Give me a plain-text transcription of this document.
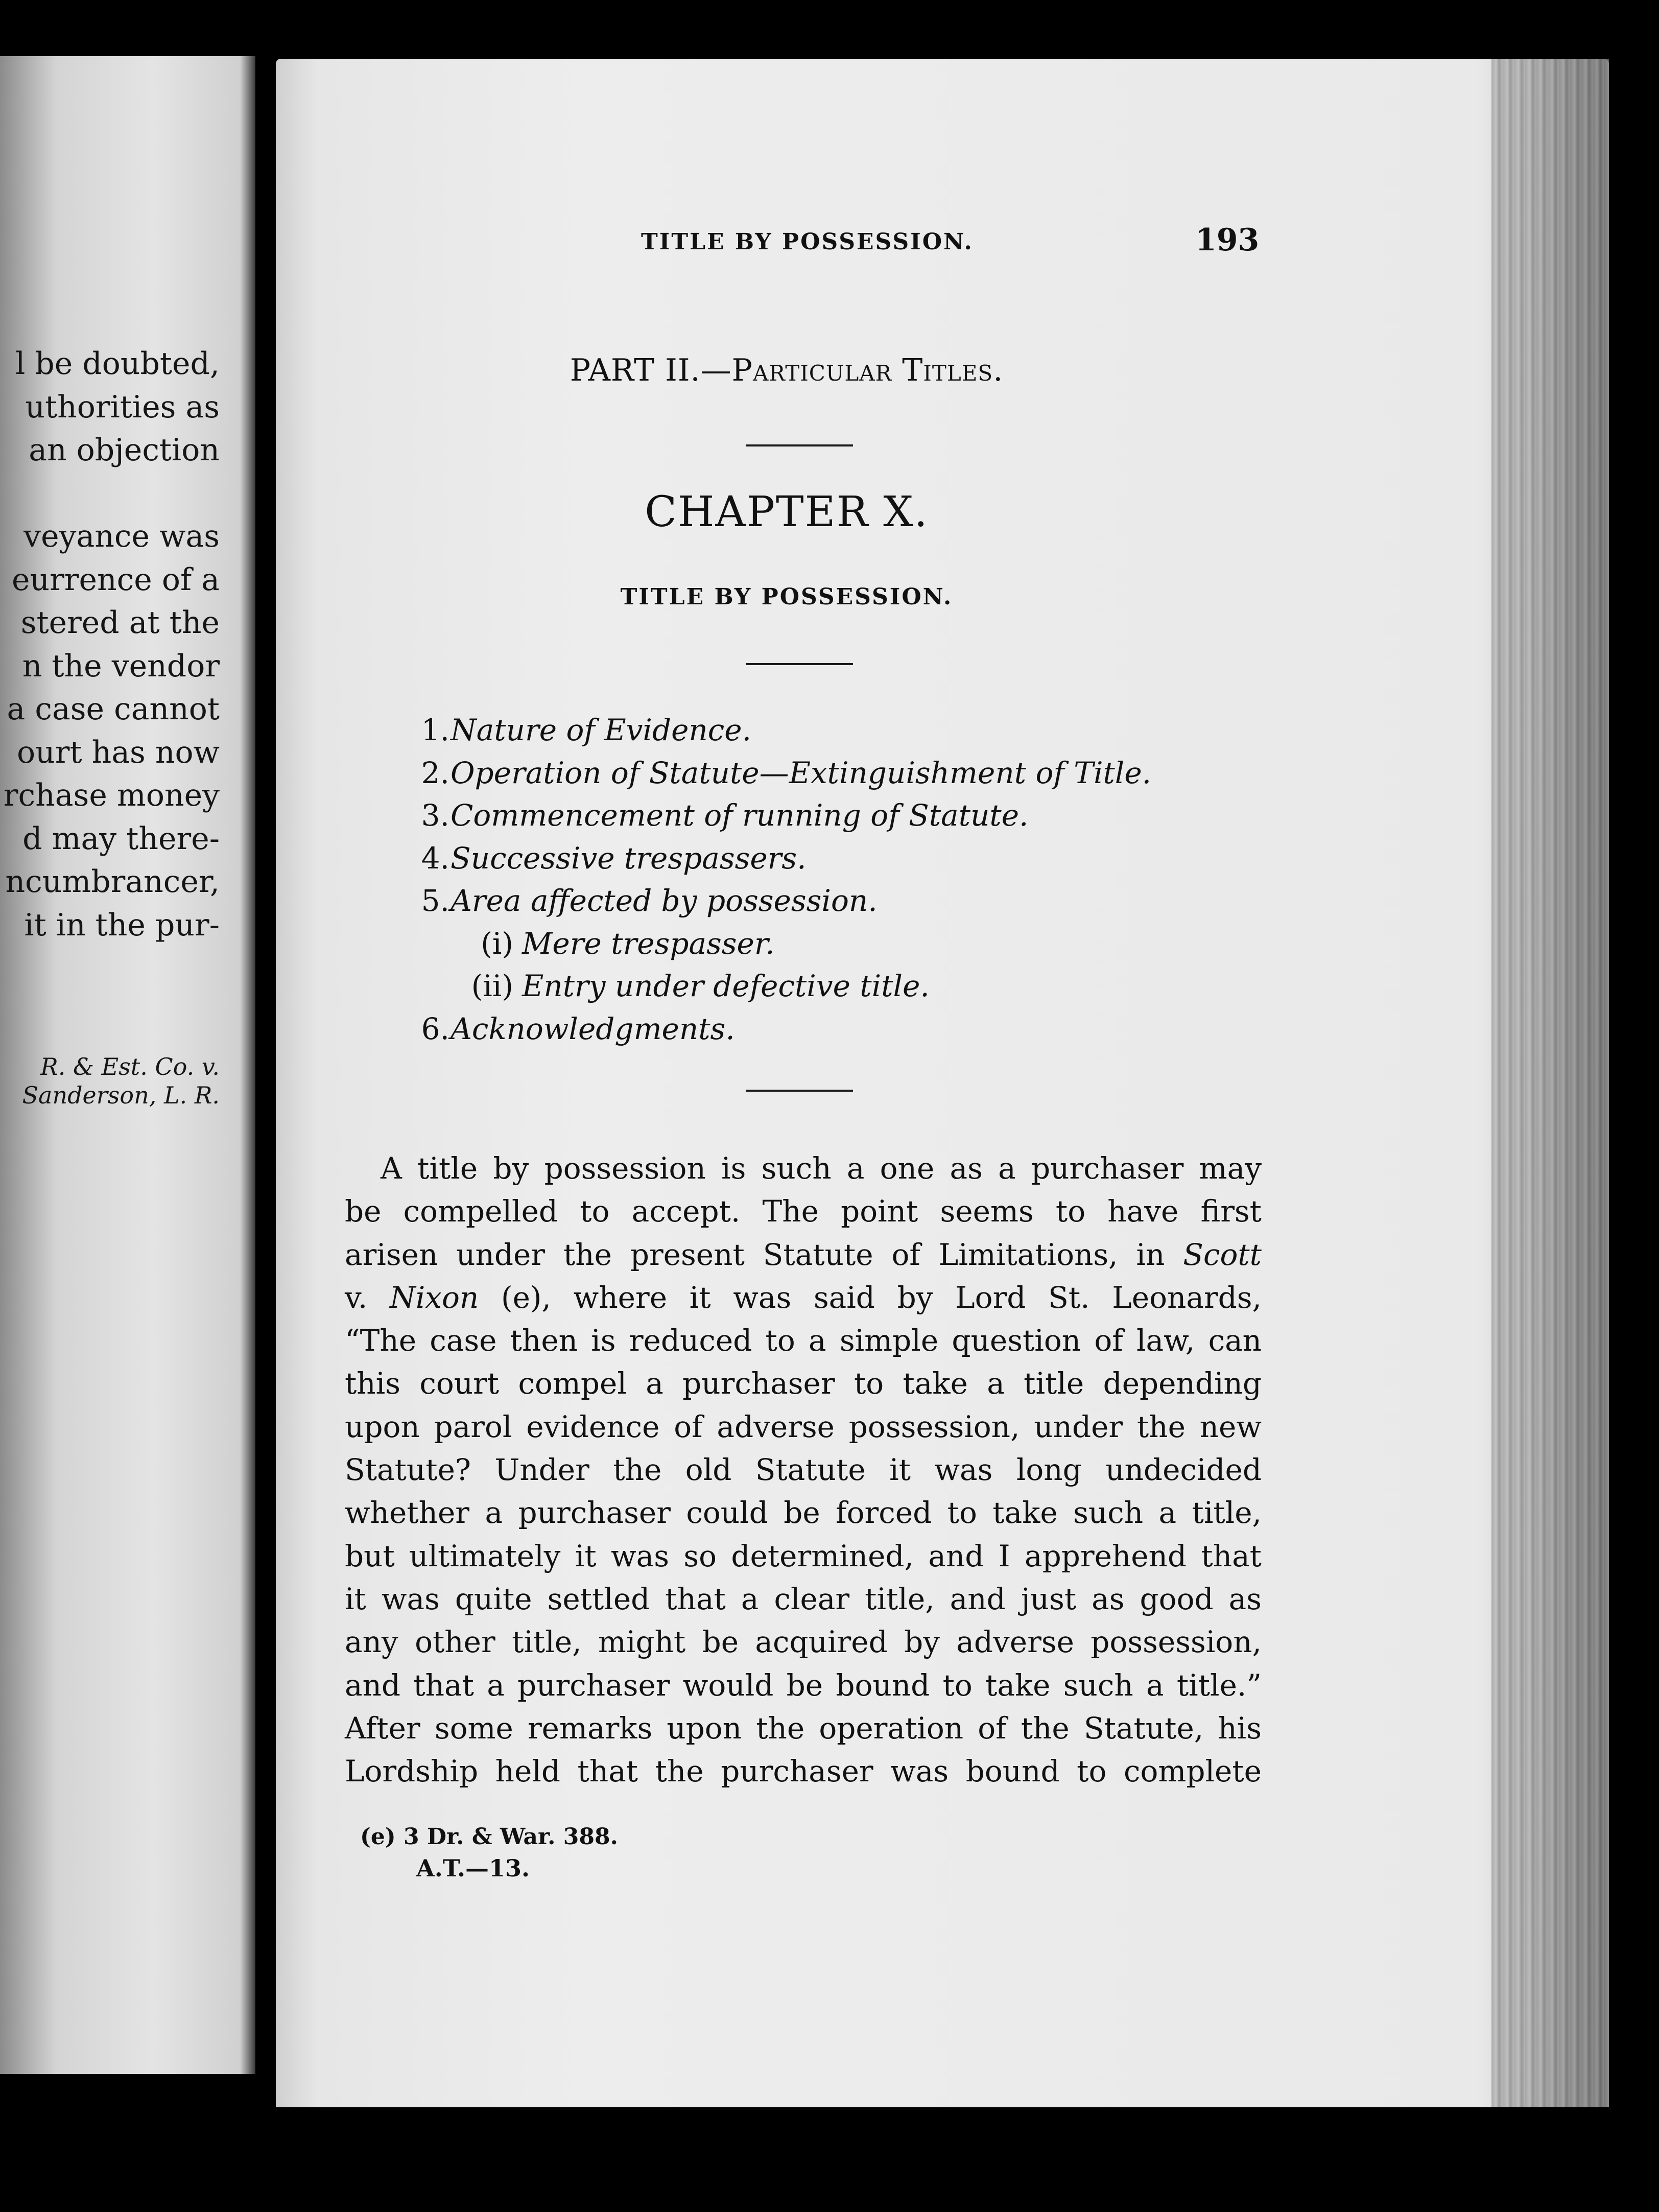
l be doubted,
uthorities as
an objection

veyance was
eurrence of a
stered at the
n the vendor
a case cannot
ourt has now
rchase money
d may there-
ncumbrancer,
it in the pur-
R. & Est. Co. v.
Sanderson, L. R.
TITLE BY POSSESSION.	193
PART II.—Particular Titles.
CHAPTER X.
TITLE BY POSSESSION.
1. Nature of Evidence.
2. Operation of Statute—Extinguishment of Title.
3. Commencement of running of Statute.
4. Successive trespassers.
5. Area affected by possession.
(i) Mere trespasser.
(ii) Entry under defective title.
6. Acknowledgments.
A title by possession is such a one as a purchaser may
be compelled to accept. The point seems to have first
arisen under the present Statute of Limitations, in Scott
v. Nixon (e), where it was said by Lord St. Leonards,
“The case then is reduced to a simple question of law, can
this court compel a purchaser to take a title depending
upon parol evidence of adverse possession, under the new
Statute? Under the old Statute it was long undecided
whether a purchaser could be forced to take such a title,
but ultimately it was so determined, and I apprehend that
it was quite settled that a clear title, and just as good as
any other title, might be acquired by adverse possession,
and that a purchaser would be bound to take such a title.”
After some remarks upon the operation of the Statute, his
Lordship held that the purchaser was bound to complete
(e) 3 Dr. & War. 388.
A.T.—13.
